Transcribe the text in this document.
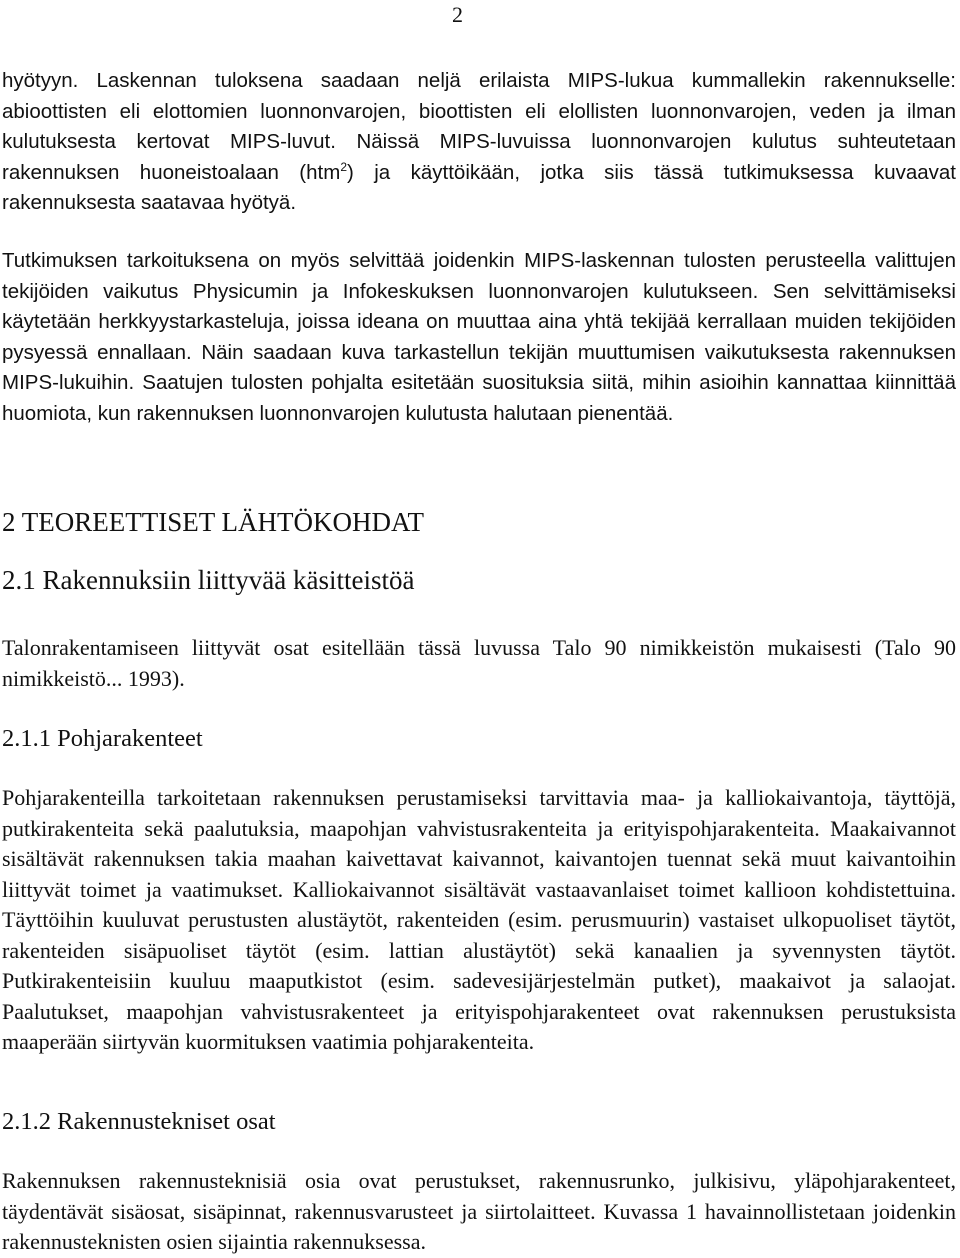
2

hyötyyn. Laskennan tuloksena saadaan neljä erilaista MIPS-lukua kummallekin rakennukselle: abioottisten eli elottomien luonnonvarojen, bioottisten eli elollisten luonnonvarojen, veden ja ilman kulutuksesta kertovat MIPS-luvut. Näissä MIPS-luvuissa luonnonvarojen kulutus suhteutetaan rakennuksen huoneistoalaan (htm$^2$) ja käyttöikään, jotka siis tässä tutkimuksessa kuvaavat rakennuksesta saatavaa hyötyä.

Tutkimuksen tarkoituksena on myös selvittää joidenkin MIPS-laskennan tulosten perusteella valittujen tekijöiden vaikutus Physicumin ja Infokeskuksen luonnonvarojen kulutukseen. Sen selvittämiseksi käytetään herkkyystarkasteluja, joissa ideana on muuttaa aina yhtä tekijää kerrallaan muiden tekijöiden pysyessä ennallaan. Näin saadaan kuva tarkastellun tekijän muuttumisen vaikutuksesta rakennuksen MIPS-lukuihin. Saatujen tulosten pohjalta esitetään suosituksia siitä, mihin asioihin kannattaa kiinnittää huomiota, kun rakennuksen luonnonvarojen kulutusta halutaan pienentää.

2 TEOREETTISET LÄHTÖKOHDAT
2.1 Rakennuksiin liittyvää käsitteistöä

Talonrakentamiseen liittyvät osat esitellään tässä luvussa Talo 90 nimikkeistön mukaisesti (Talo 90 nimikkeistö... 1993).

2.1.1 Pohjarakenteet

Pohjarakenteilla tarkoitetaan rakennuksen perustamiseksi tarvittavia maa- ja kalliokaivantoja, täyttöjä, putkirakenteita sekä paalutuksia, maapohjan vahvistusrakenteita ja erityispohjarakenteita. Maakaivannot sisältävät rakennuksen takia maahan kaivettavat kaivannot, kaivantojen tuennat sekä muut kaivantoihin liittyvät toimet ja vaatimukset. Kalliokaivannot sisältävät vastaavanlaiset toimet kallioon kohdistettuina. Täyttöihin kuuluvat perustusten alustäytöt, rakenteiden (esim. perusmuurin) vastaiset ulkopuoliset täytöt, rakenteiden sisäpuoliset täytöt (esim. lattian alustäytöt) sekä kanaalien ja syvennysten täytöt. Putkirakenteisiin kuuluu maaputkistot (esim. sadevesijärjestelmän putket), maakaivot ja salaojat. Paalutukset, maapohjan vahvistusrakenteet ja erityispohjarakenteet ovat rakennuksen perustuksista maaperään siirtyvän kuormituksen vaatimia pohjarakenteita.

2.1.2 Rakennustekniset osat

Rakennuksen rakennusteknisiä osia ovat perustukset, rakennusrunko, julkisivu, yläpohjarakenteet, täydentävät sisäosat, sisäpinnat, rakennusvarusteet ja siirtolaitteet. Kuvassa 1 havainnollistetaan joidenkin rakennusteknisten osien sijaintia rakennuksessa.
